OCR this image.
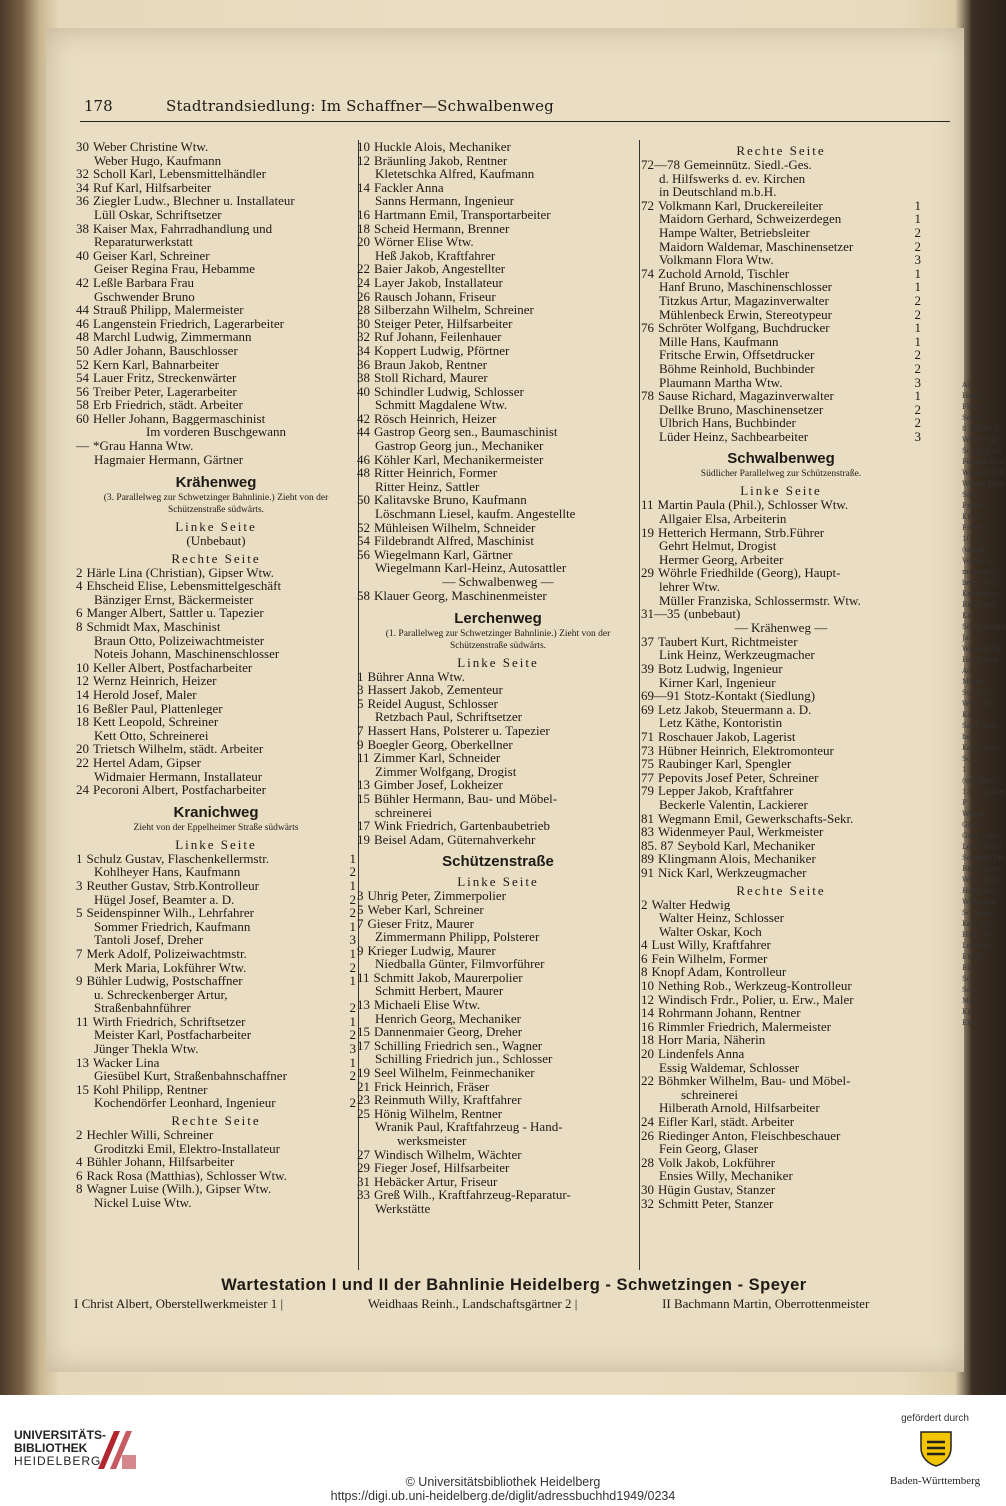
Alb
Heinz Fleisch
Schw
8 Weber G
Weber Val
Schön Karl
Förster Nor
Weibel Willi
Weber Mich
Saser Friedri
Kruse Friedri
10–20 (unbeb
Verein G
mossensc
bergs e.G.
Kahlmann
Ruhmann Kar
Schwemann Ja
Wenzel Jak
Herrmann Ad
Müller Susann
Wittkirch Kar
Sach Karl
hen Kellerman
Sch
1–11 (unbebau
13 Schnabel P
Wäsch Gusta
Gaus Lissy
Lendt Erwi
Schmidt Fri
Reiß Ludw
Weil Hilda
Hoffmann
Witkowsk
Schüpper
Kett Els
Hahn M
Ludwig
Eichel
Blan
Schl
Schi
Mat
Kirc
Eisel
178	Stadtrandsiedlung: Im Schaffner—Schwalbenweg
30 Weber Christine Wtw.
Weber Hugo, Kaufmann
32 Scholl Karl, Lebensmittelhändler
34 Ruf Karl, Hilfsarbeiter
36 Ziegler Ludw., Blechner u. Installateur
Lüll Oskar, Schriftsetzer
38 Kaiser Max, Fahrradhandlung und
Reparaturwerkstatt
40 Geiser Karl, Schreiner
Geiser Regina Frau, Hebamme
42 Leßle Barbara Frau
Gschwender Bruno
44 Strauß Philipp, Malermeister
46 Langenstein Friedrich, Lagerarbeiter
48 Marchl Ludwig, Zimmermann
50 Adler Johann, Bauschlosser
52 Kern Karl, Bahnarbeiter
54 Lauer Fritz, Streckenwärter
56 Treiber Peter, Lagerarbeiter
58 Erb Friedrich, städt. Arbeiter
60 Heller Johann, Baggermaschinist
Im vorderen Buschgewann
— *Grau Hanna Wtw.
Hagmaier Hermann, Gärtner
Krähenweg
(3. Parallelweg zur Schwetzinger Bahnlinie.) Zieht von der Schützenstraße südwärts.
Linke Seite
(Unbebaut)
Rechte Seite
2 Härle Lina (Christian), Gipser Wtw.
4 Ehscheid Elise, Lebensmittelgeschäft
Bänziger Ernst, Bäckermeister
6 Manger Albert, Sattler u. Tapezier
8 Schmidt Max, Maschinist
Braun Otto, Polizeiwachtmeister
Noteis Johann, Maschinenschlosser
10 Keller Albert, Postfacharbeiter
12 Wernz Heinrich, Heizer
14 Herold Josef, Maler
16 Beßler Paul, Plattenleger
18 Kett Leopold, Schreiner
Kett Otto, Schreinerei
20 Trietsch Wilhelm, städt. Arbeiter
22 Hertel Adam, Gipser
Widmaier Hermann, Installateur
24 Pecoroni Albert, Postfacharbeiter
Kranichweg
Zieht von der Eppelheimer Straße südwärts
Linke Seite
1 Schulz Gustav, Flaschenkellermstr.	1
Kohlheyer Hans, Kaufmann	2
3 Reuther Gustav, Strb.Kontrolleur	1
Hügel Josef, Beamter a. D.	2
5 Seidenspinner Wilh., Lehrfahrer	2
Sommer Friedrich, Kaufmann	1
Tantoli Josef, Dreher	3
7 Merk Adolf, Polizeiwachtmstr.	1
Merk Maria, Lokführer Wtw.	2
9 Bühler Ludwig, Postschaffner	1
u. Schreckenberger Artur,
Straßenbahnführer	2
11 Wirth Friedrich, Schriftsetzer	1
Meister Karl, Postfacharbeiter	2
Jünger Thekla Wtw.	3
13 Wacker Lina	1
Giesübel Kurt, Straßenbahnschaffner	2
15 Kohl Philipp, Rentner
Kochendörfer Leonhard, Ingenieur	2
Rechte Seite
2 Hechler Willi, Schreiner
Groditzki Emil, Elektro-Installateur
4 Bühler Johann, Hilfsarbeiter
6 Rack Rosa (Matthias), Schlosser Wtw.
8 Wagner Luise (Wilh.), Gipser Wtw.
Nickel Luise Wtw.
10 Huckle Alois, Mechaniker
12 Bräunling Jakob, Rentner
Kletetschka Alfred, Kaufmann
14 Fackler Anna
Sanns Hermann, Ingenieur
16 Hartmann Emil, Transportarbeiter
18 Scheid Hermann, Brenner
20 Wörner Elise Wtw.
Heß Jakob, Kraftfahrer
22 Baier Jakob, Angestellter
24 Layer Jakob, Installateur
26 Rausch Johann, Friseur
28 Silberzahn Wilhelm, Schreiner
30 Steiger Peter, Hilfsarbeiter
32 Ruf Johann, Feilenhauer
34 Koppert Ludwig, Pförtner
36 Braun Jakob, Rentner
38 Stoll Richard, Maurer
40 Schindler Ludwig, Schlosser
Schmitt Magdalene Wtw.
42 Rösch Heinrich, Heizer
44 Gastrop Georg sen., Baumaschinist
Gastrop Georg jun., Mechaniker
46 Köhler Karl, Mechanikermeister
48 Ritter Heinrich, Former
Ritter Heinz, Sattler
50 Kalitavske Bruno, Kaufmann
Löschmann Liesel, kaufm. Angestellte
52 Mühleisen Wilhelm, Schneider
54 Fildebrandt Alfred, Maschinist
56 Wiegelmann Karl, Gärtner
Wiegelmann Karl-Heinz, Autosattler
— Schwalbenweg —
58 Klauer Georg, Maschinenmeister
Lerchenweg
(1. Parallelweg zur Schwetzinger Bahnlinie.) Zieht von der Schützenstraße südwärts.
Linke Seite
1 Bührer Anna Wtw.
3 Hassert Jakob, Zementeur
5 Reidel August, Schlosser
Retzbach Paul, Schriftsetzer
7 Hassert Hans, Polsterer u. Tapezier
9 Boegler Georg, Oberkellner
11 Zimmer Karl, Schneider
Zimmer Wolfgang, Drogist
13 Gimber Josef, Lokheizer
15 Bühler Hermann, Bau- und Möbel-
schreinerei
17 Wink Friedrich, Gartenbaubetrieb
19 Beisel Adam, Güternahverkehr
Schützenstraße
Linke Seite
3 Uhrig Peter, Zimmerpolier
5 Weber Karl, Schreiner
7 Gieser Fritz, Maurer
Zimmermann Philipp, Polsterer
9 Krieger Ludwig, Maurer
Niedballa Günter, Filmvorführer
11 Schmitt Jakob, Maurerpolier
Schmitt Herbert, Maurer
13 Michaeli Elise Wtw.
Henrich Georg, Mechaniker
15 Dannenmaier Georg, Dreher
17 Schilling Friedrich sen., Wagner
Schilling Friedrich jun., Schlosser
19 Seel Wilhelm, Feinmechaniker
21 Frick Heinrich, Fräser
23 Reinmuth Willy, Kraftfahrer
25 Hönig Wilhelm, Rentner
Wranik Paul, Kraftfahrzeug - Hand-
werksmeister
27 Windisch Wilhelm, Wächter
29 Fieger Josef, Hilfsarbeiter
31 Hebäcker Artur, Friseur
33 Greß Wilh., Kraftfahrzeug-Reparatur-
Werkstätte
Rechte Seite
72—78 Gemeinnütz. Siedl.-Ges.
d. Hilfswerks d. ev. Kirchen
in Deutschland m.b.H.
72 Volkmann Karl, Druckereileiter	1
Maidorn Gerhard, Schweizerdegen	1
Hampe Walter, Betriebsleiter	2
Maidorn Waldemar, Maschinensetzer	2
Volkmann Flora Wtw.	3
74 Zuchold Arnold, Tischler	1
Hanf Bruno, Maschinenschlosser	1
Titzkus Artur, Magazinverwalter	2
Mühlenbeck Erwin, Stereotypeur	2
76 Schröter Wolfgang, Buchdrucker	1
Mille Hans, Kaufmann	1
Fritsche Erwin, Offsetdrucker	2
Böhme Reinhold, Buchbinder	2
Plaumann Martha Wtw.	3
78 Sause Richard, Magazinverwalter	1
Dellke Bruno, Maschinensetzer	2
Ulbrich Hans, Buchbinder	2
Lüder Heinz, Sachbearbeiter	3
Schwalbenweg
Südlicher Parallelweg zur Schützenstraße.
Linke Seite
11 Martin Paula (Phil.), Schlosser Wtw.
Allgaier Elsa, Arbeiterin
19 Hetterich Hermann, Strb.Führer
Gehrt Helmut, Drogist
Hermer Georg, Arbeiter
29 Wöhrle Friedhilde (Georg), Haupt-
lehrer Wtw.
Müller Franziska, Schlossermstr. Wtw.
31—35 (unbebaut)
— Krähenweg —
37 Taubert Kurt, Richtmeister
Link Heinz, Werkzeugmacher
39 Botz Ludwig, Ingenieur
Kirner Karl, Ingenieur
69—91 Stotz-Kontakt (Siedlung)
69 Letz Jakob, Steuermann a. D.
Letz Käthe, Kontoristin
71 Roschauer Jakob, Lagerist
73 Hübner Heinrich, Elektromonteur
75 Raubinger Karl, Spengler
77 Pepovits Josef Peter, Schreiner
79 Lepper Jakob, Kraftfahrer
Beckerle Valentin, Lackierer
81 Wegmann Emil, Gewerkschafts-Sekr.
83 Widenmeyer Paul, Werkmeister
85. 87 Seybold Karl, Mechaniker
89 Klingmann Alois, Mechaniker
91 Nick Karl, Werkzeugmacher
Rechte Seite
2 Walter Hedwig
Walter Heinz, Schlosser
Walter Oskar, Koch
4 Lust Willy, Kraftfahrer
6 Fein Wilhelm, Former
8 Knopf Adam, Kontrolleur
10 Nething Rob., Werkzeug-Kontrolleur
12 Windisch Frdr., Polier, u. Erw., Maler
14 Rohrmann Johann, Rentner
16 Rimmler Friedrich, Malermeister
18 Horr Maria, Näherin
20 Lindenfels Anna
Essig Waldemar, Schlosser
22 Böhmker Wilhelm, Bau- und Möbel-
schreinerei
Hilberath Arnold, Hilfsarbeiter
24 Eifler Karl, städt. Arbeiter
26 Riedinger Anton, Fleischbeschauer
Fein Georg, Glaser
28 Volk Jakob, Lokführer
Ensies Willy, Mechaniker
30 Hügin Gustav, Stanzer
32 Schmitt Peter, Stanzer
Wartestation I und II der Bahnlinie Heidelberg - Schwetzingen - Speyer
I Christ Albert, Oberstellwerkmeister 1 |	Weidhaas Reinh., Landschaftsgärtner 2 |	II Bachmann Martin, Oberrottenmeister
UNIVERSITÄTS-
BIBLIOTHEK
HEIDELBERG
© Universitätsbibliothek Heidelberg
https://digi.ub.uni-heidelberg.de/diglit/adressbuchhd1949/0234
gefördert durch
Baden-Württemberg
